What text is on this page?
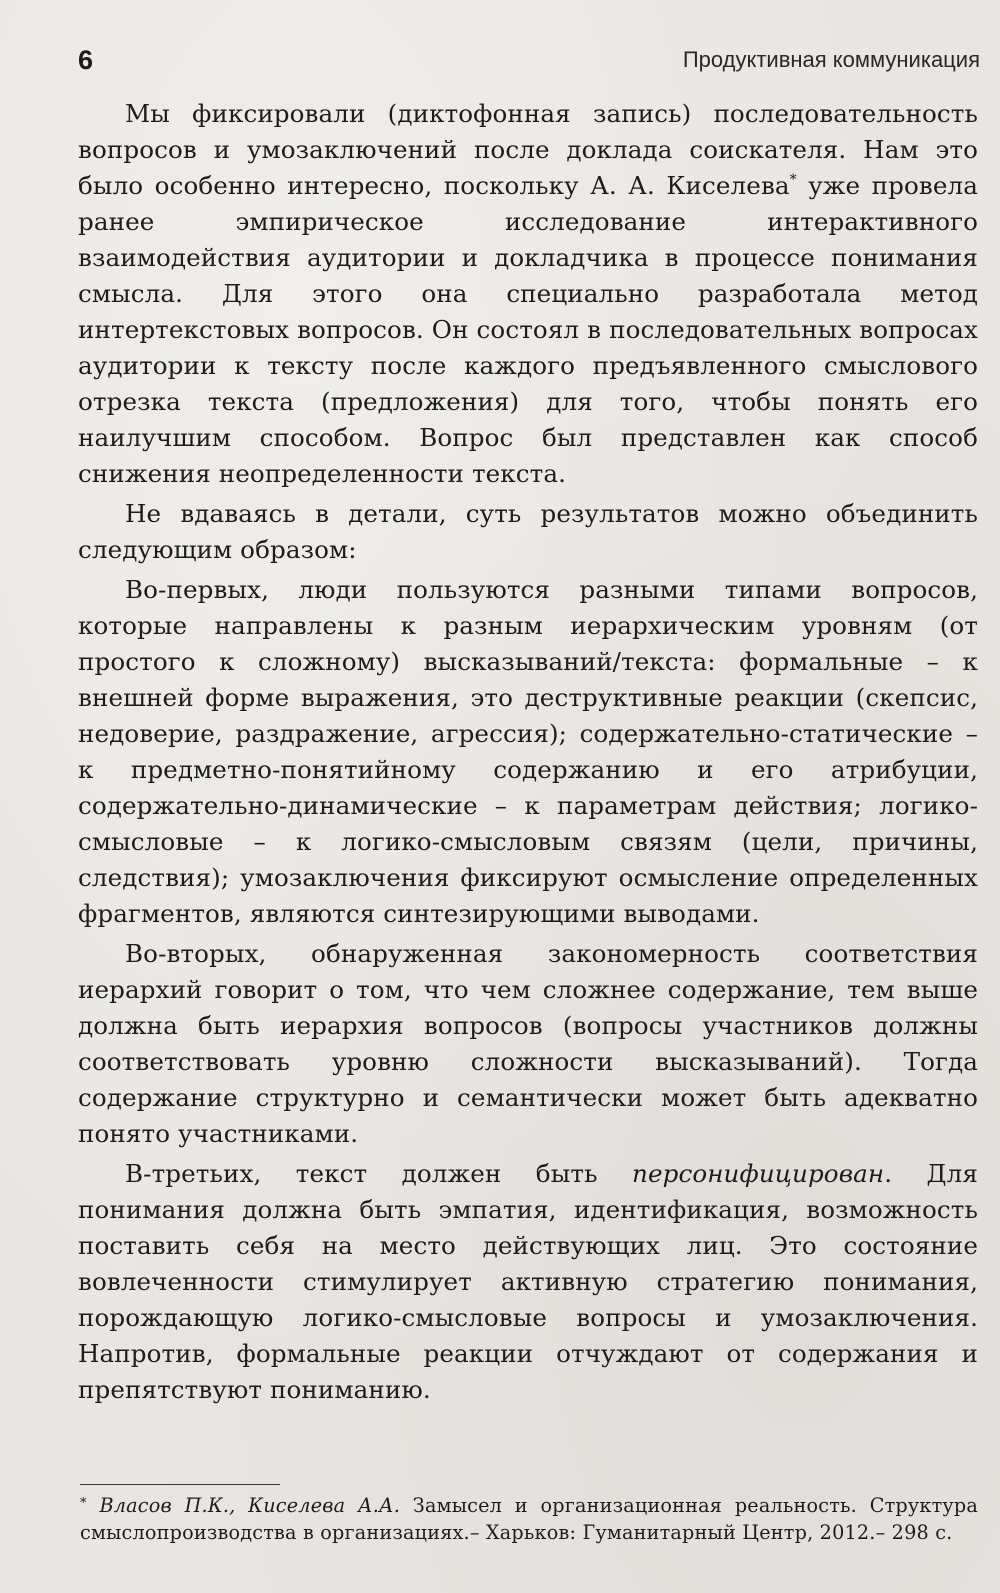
6	Продуктивная коммуникация

Мы фиксировали (диктофонная запись) последовательность вопросов и умозаключений после доклада соискателя. Нам это было особенно интересно, поскольку А. А. Киселева* уже провела ранее эмпирическое исследование интерактивного взаимодействия аудитории и докладчика в процессе понимания смысла. Для этого она специально разработала метод интертекстовых вопросов. Он состоял в последовательных вопросах аудитории к тексту после каждого предъявленного смыслового отрезка текста (предложения) для того, чтобы понять его наилучшим способом. Вопрос был представлен как способ снижения неопределенности текста.

Не вдаваясь в детали, суть результатов можно объединить следующим образом:

Во-первых, люди пользуются разными типами вопросов, которые направлены к разным иерархическим уровням (от простого к сложному) высказываний/текста: формальные – к внешней форме выражения, это деструктивные реакции (скепсис, недоверие, раздражение, агрессия); содержательно-статические – к предметно-понятийному содержанию и его атрибуции, содержательно-динамические – к параметрам действия; логико-смысловые – к логико-смысловым связям (цели, причины, следствия); умозаключения фиксируют осмысление определенных фрагментов, являются синтезирующими выводами.

Во-вторых, обнаруженная закономерность соответствия иерархий говорит о том, что чем сложнее содержание, тем выше должна быть иерархия вопросов (вопросы участников должны соответствовать уровню сложности высказываний). Тогда содержание структурно и семантически может быть адекватно понято участниками.

В-третьих, текст должен быть персонифицирован. Для понимания должна быть эмпатия, идентификация, возможность поставить себя на место действующих лиц. Это состояние вовлеченности стимулирует активную стратегию понимания, порождающую логико-смысловые вопросы и умозаключения. Напротив, формальные реакции отчуждают от содержания и препятствуют пониманию.

* Власов П.К., Киселева А.А. Замысел и организационная реальность. Структура смыслопроизводства в организациях.– Харьков: Гуманитарный Центр, 2012.– 298 с.
